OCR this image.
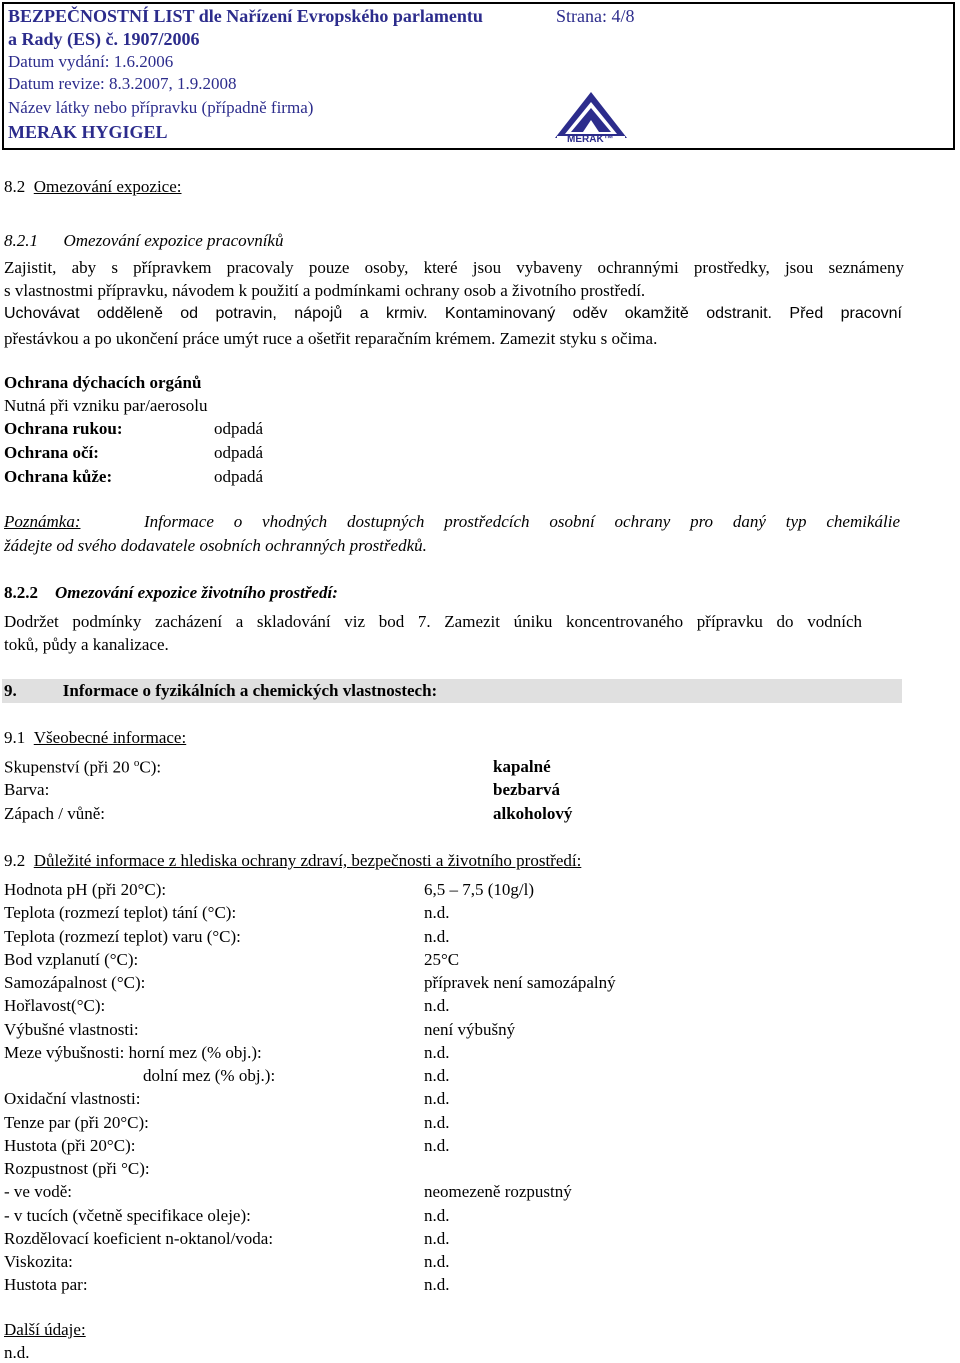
BEZPEČNOSTNÍ LIST dle Nařízení Evropského parlamentu	Strana: 4/8
a Rady (ES) č. 1907/2006
Datum vydání: 1.6.2006
Datum revize: 8.3.2007, 1.9.2008
Název látky nebo přípravku (případně firma)
MERAK HYGIGEL	MERAK™
8.2 Omezování expozice:
8.2.1 Omezování expozice pracovníků
Zajistit, aby s přípravkem pracovaly pouze osoby, které jsou vybaveny ochrannými prostředky, jsou seznámeny
s vlastnostmi přípravku, návodem k použití a podmínkami ochrany osob a životního prostředí.
Uchovávat odděleně od potravin, nápojů a krmiv. Kontaminovaný oděv okamžitě odstranit. Před pracovní
přestávkou a po ukončení práce umýt ruce a ošetřit reparačním krémem. Zamezit styku s očima.
Ochrana dýchacích orgánů
Nutná při vzniku par/aerosolu
Ochrana rukou:	odpadá
Ochrana očí:	odpadá
Ochrana kůže:	odpadá
Poznámka:	Informace o vhodných dostupných prostředcích osobní ochrany pro daný typ chemikálie
žádejte od svého dodavatele osobních ochranných prostředků.
8.2.2 Omezování expozice životního prostředí:
Dodržet podmínky zacházení a skladování viz bod 7. Zamezit úniku koncentrovaného přípravku do vodních
toků, půdy a kanalizace.
9.	Informace o fyzikálních a chemických vlastnostech:
9.1 Všeobecné informace:
Skupenství (při 20 $^o$C):	kapalné
Barva:	bezbarvá
Zápach / vůně:	alkoholový
9.2 Důležité informace z hlediska ochrany zdraví, bezpečnosti a životního prostředí:
Hodnota pH (při 20°C):	6,5 – 7,5 (10g/l)
Teplota (rozmezí teplot) tání (°C):	n.d.
Teplota (rozmezí teplot) varu (°C):	n.d.
Bod vzplanutí (°C):	25°C
Samozápalnost (°C):	přípravek není samozápalný
Hořlavost(°C):	n.d.
Výbušné vlastnosti:	není výbušný
Meze výbušnosti: horní mez (% obj.):	n.d.
dolní mez (% obj.):	n.d.
Oxidační vlastnosti:	n.d.
Tenze par (při 20°C):	n.d.
Hustota (při 20°C):	n.d.
Rozpustnost (při °C):
- ve vodě:	neomezeně rozpustný
- v tucích (včetně specifikace oleje):	n.d.
Rozdělovací koeficient n-oktanol/voda:	n.d.
Viskozita:	n.d.
Hustota par:	n.d.
Další údaje:
n.d.
